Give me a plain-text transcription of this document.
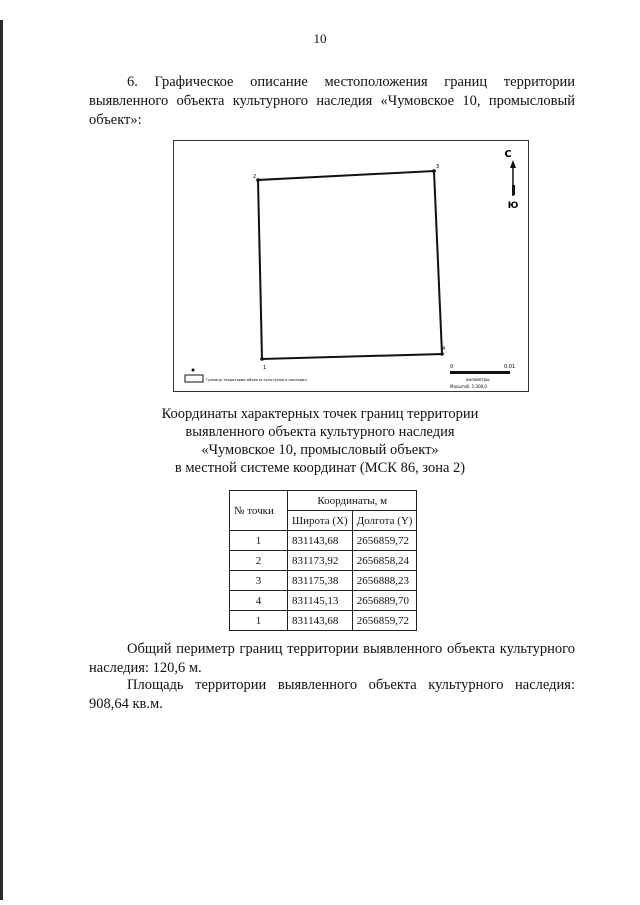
10
6. Графическое описание местоположения границ территории выявленного объекта культурного наследия «Чумовское 10, промысловый объект»:
1
2
3
4
С
Ю
Граница территории объекта культурного наследия
0	0,01
километры
Масштаб: 1:300,0
Координаты характерных точек границ территории
выявленного объекта культурного наследия
«Чумовское 10, промысловый объект»
в местной системе координат (МСК 86, зона 2)
№ точки	Координаты, м	
	Широта (X)	Долгота (Y)
1	831143,68	2656859,72
2	831173,92	2656858,24
3	831175,38	2656888,23
4	831145,13	2656889,70
1	831143,68	2656859,72
Общий периметр границ территории выявленного объекта культурного наследия: 120,6 м.
Площадь территории выявленного объекта культурного наследия: 908,64 кв.м.
